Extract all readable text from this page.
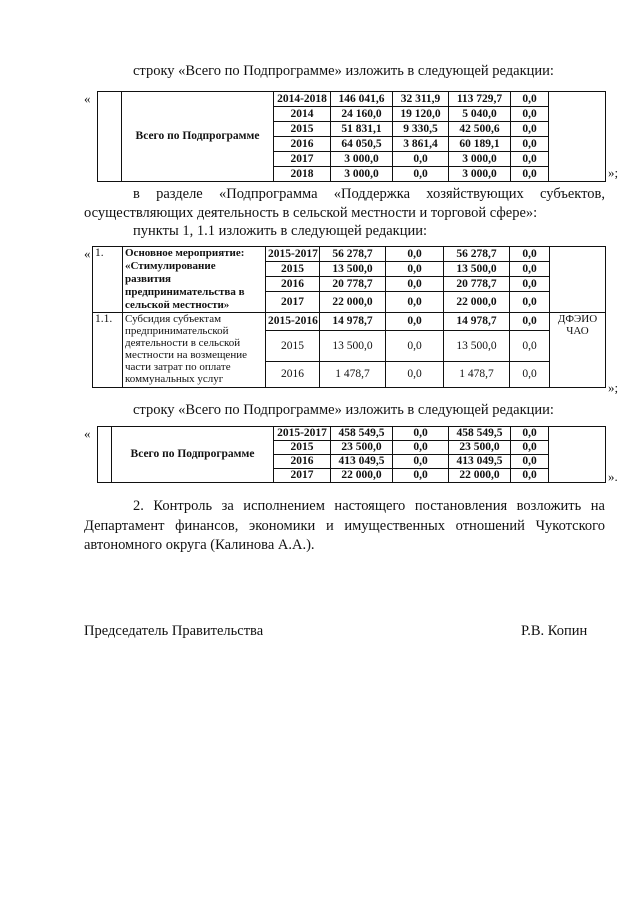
строку «Всего по Подпрограмме» изложить в следующей редакции:
«
	Всего по Подпрограмме	2014-2018	146 041,6	32 311,9	113 729,7	0,0	
		2014	24 160,0	19 120,0	5 040,0	0,0	
		2015	51 831,1	9 330,5	42 500,6	0,0	
		2016	64 050,5	3 861,4	60 189,1	0,0	
		2017	3 000,0	0,0	3 000,0	0,0	
		2018	3 000,0	0,0	3 000,0	0,0		»;
в разделе «Подпрограмма «Поддержка хозяйствующих субъектов,
осуществляющих деятельность в сельской местности и торговой сфере»:
пункты 1, 1.1 изложить в следующей редакции:
« 1.	Основное мероприятие: «Стимулирование развития предпринимательства в сельской местности»	2015-2017	56 278,7	0,0	56 278,7	0,0	
		2015	13 500,0	0,0	13 500,0	0,0	
		2016	20 778,7	0,0	20 778,7	0,0	
		2017	22 000,0	0,0	22 000,0	0,0	
1.1.	Субсидия субъектам предпринимательской деятельности в сельской местности на возмещение части затрат по оплате коммунальных услуг	2015-2016	14 978,7	0,0	14 978,7	0,0	ДФЭИО ЧАО
		2015	13 500,0	0,0	13 500,0	0,0	
		2016	1 478,7	0,0	1 478,7	0,0	
»;
строку «Всего по Подпрограмме» изложить в следующей редакции:
«
	Всего по Подпрограмме	2015-2017	458 549,5	0,0	458 549,5	0,0	
		2015	23 500,0	0,0	23 500,0	0,0	
		2016	413 049,5	0,0	413 049,5	0,0	
		2017	22 000,0	0,0	22 000,0	0,0		».
2. Контроль за исполнением настоящего постановления возложить на
Департамент финансов, экономики и имущественных отношений Чукотского
автономного округа (Калинова А.А.).
Председатель Правительства	Р.В. Копин
